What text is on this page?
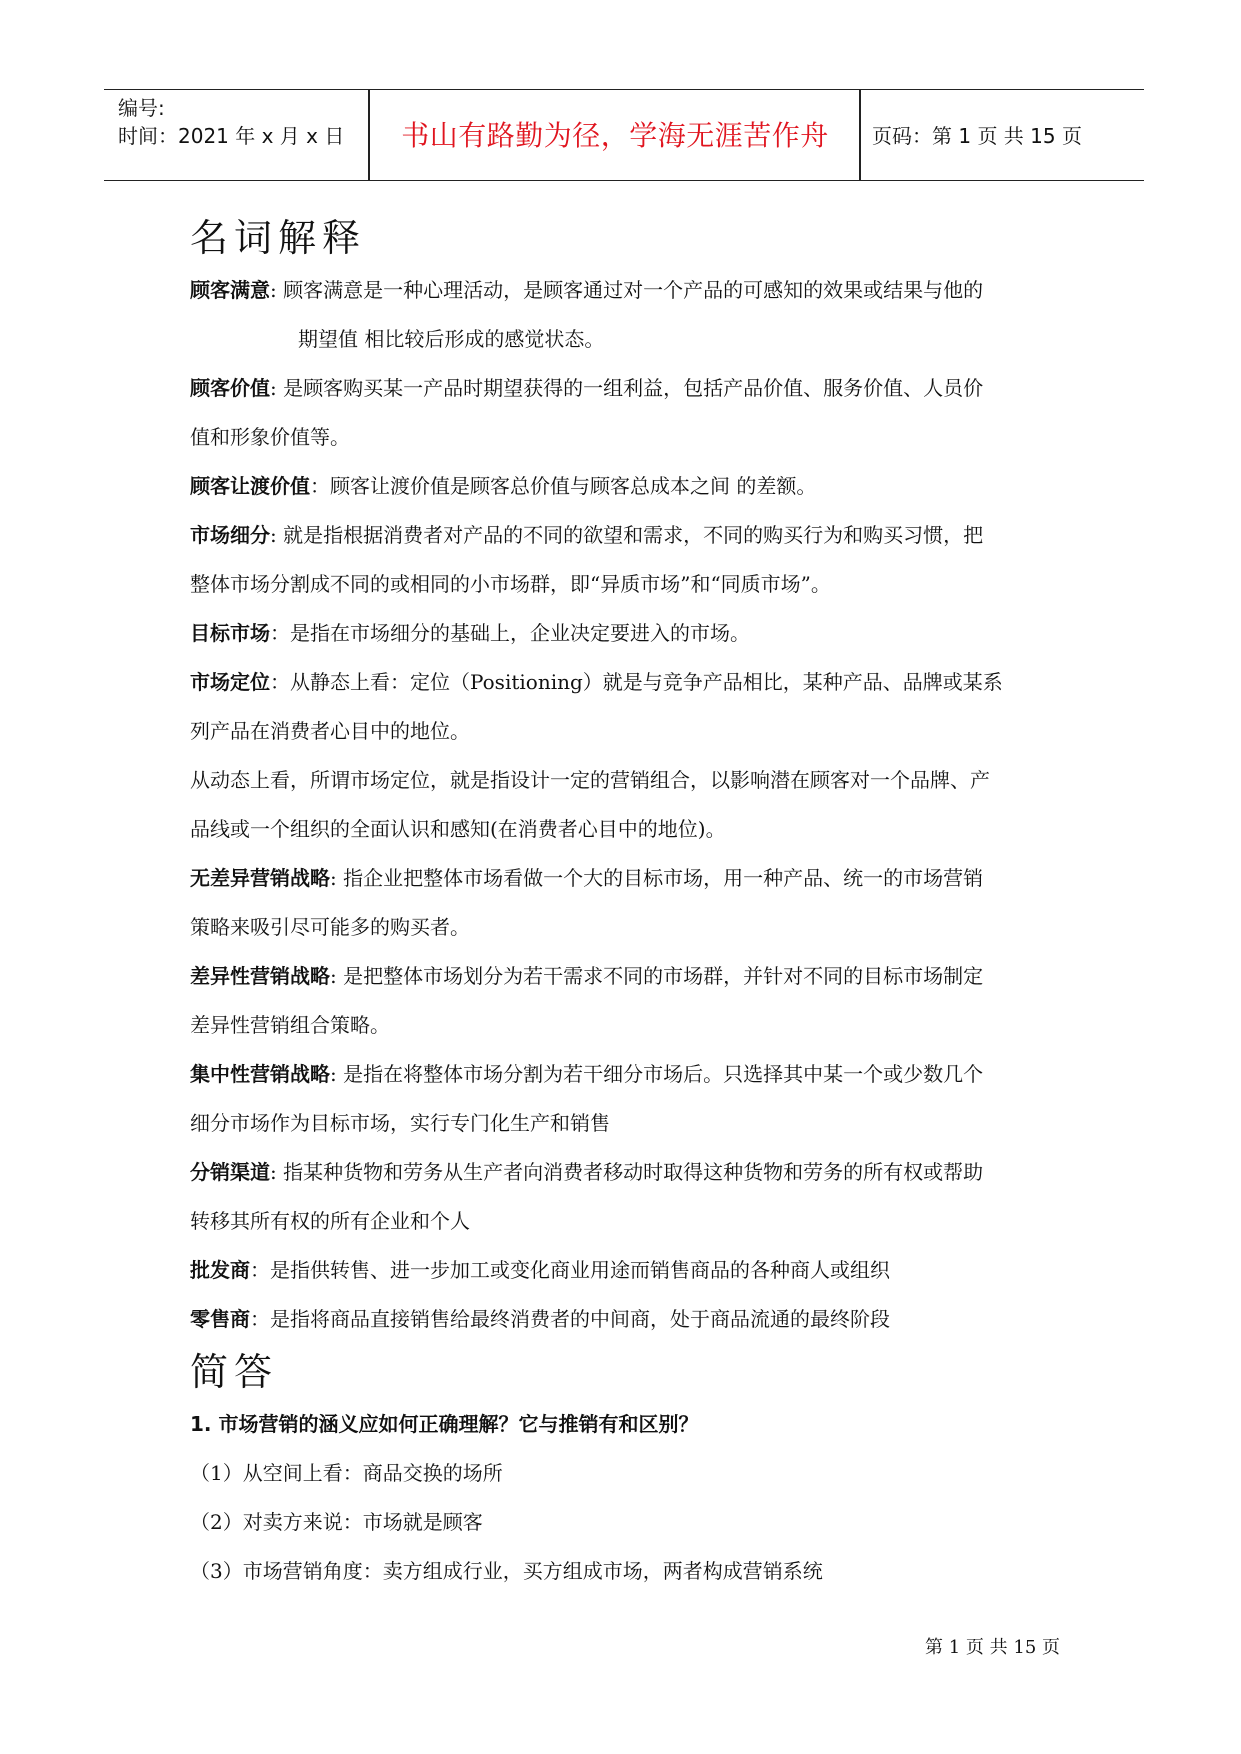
编号:
时间：2021 年 x 月 x 日	书山有路勤为径，学海无涯苦作舟	页码：第 1 页 共 15 页
名词解释

顾客满意: 顾客满意是一种心理活动，是顾客通过对一个产品的可感知的效果或结果与他的

期望值 相比较后形成的感觉状态。

顾客价值: 是顾客购买某一产品时期望获得的一组利益，包括产品价值、服务价值、人员价

值和形象价值等。

顾客让渡价值：顾客让渡价值是顾客总价值与顾客总成本之间 的差额。

市场细分: 就是指根据消费者对产品的不同的欲望和需求，不同的购买行为和购买习惯，把

整体市场分割成不同的或相同的小市场群，即“异质市场”和“同质市场”。

目标市场：是指在市场细分的基础上，企业决定要进入的市场。

市场定位：从静态上看：定位（Positioning）就是与竞争产品相比，某种产品、品牌或某系

列产品在消费者心目中的地位。

从动态上看，所谓市场定位，就是指设计一定的营销组合，以影响潜在顾客对一个品牌、产

品线或一个组织的全面认识和感知(在消费者心目中的地位)。

无差异营销战略: 指企业把整体市场看做一个大的目标市场，用一种产品、统一的市场营销

策略来吸引尽可能多的购买者。

差异性营销战略: 是把整体市场划分为若干需求不同的市场群，并针对不同的目标市场制定

差异性营销组合策略。

集中性营销战略: 是指在将整体市场分割为若干细分市场后。只选择其中某一个或少数几个

细分市场作为目标市场，实行专门化生产和销售

分销渠道: 指某种货物和劳务从生产者向消费者移动时取得这种货物和劳务的所有权或帮助

转移其所有权的所有企业和个人

批发商：是指供转售、进一步加工或变化商业用途而销售商品的各种商人或组织

零售商：是指将商品直接销售给最终消费者的中间商，处于商品流通的最终阶段

简答

1. 市场营销的涵义应如何正确理解？它与推销有和区别？

（1）从空间上看：商品交换的场所

（2）对卖方来说：市场就是顾客

（3）市场营销角度：卖方组成行业，买方组成市场，两者构成营销系统

第 1 页 共 15 页
